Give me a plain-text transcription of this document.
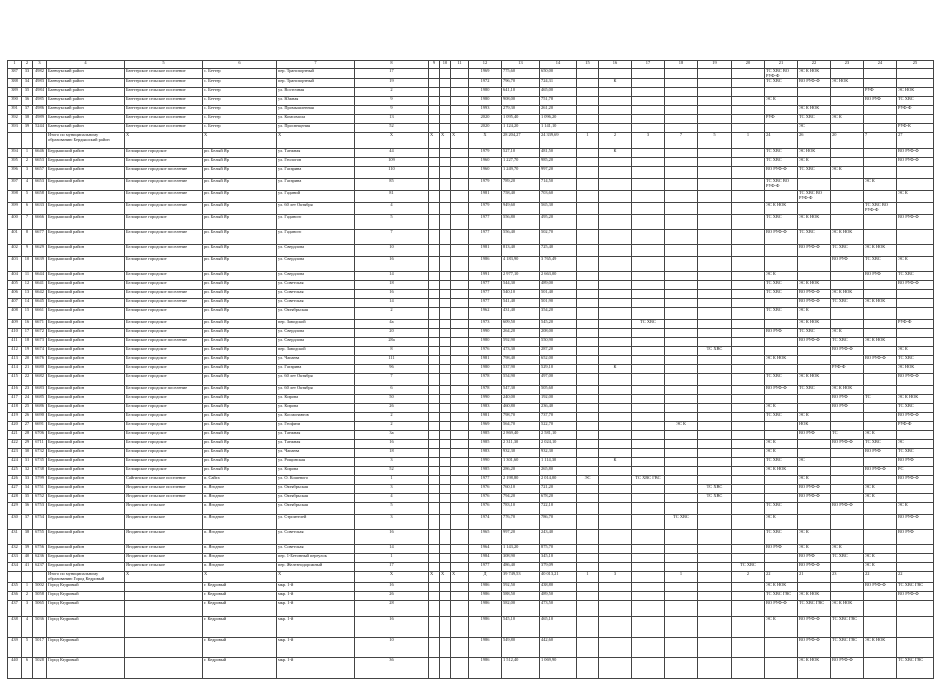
1	2	3	4	5	6	7	8	9	10	11	12	13	14	15	16	17	18	19	20	21	22	23	24	25
387	33	4982	Баевчукский район	Бюттерское сельское поселение	с. Беттер	пер. Транспортный	17				1969	775,60	650,00							ТС ХВС ВО РУФ-Ф	ЭС К НОК			
388	34	4983	Баевчукский район	Бюттерское сельское поселение	с. Беттер	пер. Транспортный	19				1972	796,70	724,31		К					ТС ХВС	ВО РУФ-Ф	ЭС НОК		
389	35	4984	Баевчукский район	Бюттерское сельское поселение	с. Беттер	ул. Восточная	2				1980	641,10	465,00										РУФ	ЭС НОК
390	36	4985	Баевчукский район	Бюттерское сельское поселение	с. Беттер	ул. Южная	9				1980	908,00	751,78							ЭС К			ВО РУФ	ТС ХВС
391	37	4986	Баевчукский район	Бюттерское сельское поселение	с. Беттер	ул. Промышленная	9				1993	279,30	261,20								ЭС К НОК			РУФ-Ф
392	38	4989	Баевчукский район	Бюттерское сельское поселение	с. Беттер	ул. Комсомола	13				2020	1 095,40	1 096,20							РУФ	ТС ХВС	ЭС К		
393	39	5244	Баевчукский район	Бюттерское сельское поселение	с. Беттер	ул. Просвещения	52				2020	1 124,20	1 141,10								ЭС			РУФ-К
			Итого по муниципальному образованию Бердышский район	Х	Х	Х	Х	Х	Х	Х	Х	28 204,27	24 339,69	1	2	3	7	5	1	24	26	20	7	27
394	1	6646	Бердышский район	Белоярское городское	рп. Белый Яр	ул. Таежная	44				1979	527,10	481,50		К					ТС ХВС	ЭС НОК			ВО РУФ-Ф
395	2	6653	Бердышский район	Белоярское городское	рп. Белый Яр	ул. Геологов	109				1960	1 227,70	985,20							ТС ХВС	ЭС К			ВО РУФ-Ф
396	3	6657	Бердышский район	Белоярское городское поселение	рп. Белый Яр	ул. Гагарина	110				1960	1 249,70	997,20							ВО РУФ-Ф	ТС ХВС	ЭС К		
397	4	6653	Бердышский район	Белоярское городское поселение	рп. Белый Яр	ул. Гагарина	85				1979	789,20	714,50							ТС ХВС ВО РУФ-Ф			ЭС К	
398	5	6658	Бердышский район	Белоярское городское поселение	рп. Белый Яр	ул. Гаданий	81				1981	758,40	703,60								ТС ХВС ВО РУФ-Ф			ЭС К
399	6	6633	Бердышский район	Белоярское городское поселение	рп. Белый Яр	ул. 60 лет Октября	4				1979	949,60	565,30							ЭС К НОК			ТС ХВС ВО РУФ-Ф	
400	7	6666	Бердышский район	Белоярское городское	рп. Белый Яр	ул. Гаданого	5				1977	556,80	495,20							ТС ХВС	ЭС К НОК			ВО РУФ-Ф
401	8	6677	Бердышский район	Белоярское городское поселение	рп. Белый Яр	ул. Гаданого	7				1977	556,40	502,70							ВО РУФ-Ф	ТС ХВС	ЭС К НОК		
402	9	6629	Бердышский район	Белоярское городское поселение	рп. Белый Яр	ул. Свердлова	10				1981	813,40	725,40								ВО РУФ-Ф	ТС ХВС	ЭС К НОК	
403	10	6639	Бердышский район	Белоярское городское	рп. Белый Яр	ул. Свердлова	16				1986	4 183,90	3 765,49									ВО РУФ	ТС ХВС	ЭС К
404	11	6644	Бердышский район	Белоярское городское	рп. Белый Яр	ул. Свердлова	14				1991	2 977,10	2 663,00							ЭС К			ВО РУФ	ТС ХВС
405	12	6641	Бердышский район	Белоярское городское	рп. Белый Яр	ул. Советская	18				1977	544,30	489,00							ТС ХВС	ЭС К НОК			ВО РУФ-Ф
406	13	6642	Бердышский район	Белоярское городское поселение	рп. Белый Яр	ул. Советская	16				1977	540,10	501,40							ТС ХВС	ВО РУФ-Ф	ЭС К НОК		
407	14	6645	Бердышский район	Белоярское городское поселение	рп. Белый Яр	ул. Советская	14				1977	541,40	501,90								ВО РУФ-Ф	ТС ХВС	ЭС К НОК	
408	15	6661	Бердышский район	Белоярское городское	рп. Белый Яр	ул. Октябрьская	2				1962	431,40	354,20							ТС ХВС	ЭС К			
409	16	6671	Бердышский район	Белоярское городское	рп. Белый Яр	пер. Заводской	4а				1973	609,50	545,20			ТС ХВС					ЭС К НОК			РУФ-Ф
410	17	6672	Бердышский район	Белоярское городское	рп. Белый Яр	ул. Свердлова	20				1990	264,20	208,00							ВО РУФ	ТС ХВС	ЭС К		
411	18	6673	Бердышский район	Белоярское городское поселение	рп. Белый Яр	ул. Свердлова	28а				1980	592,90	550,90								ВО РУФ-Ф	ТС ХВС	ЭС К НОК	
412	19	6674	Бердышский район	Белоярское городское	рп. Белый Яр	пер. Заводской	8				1976	473,30	287,20					ТС ХВС				ВО РУФ-Ф		ЭС К
413	20	6676	Бердышский район	Белоярское городское	рп. Белый Яр	ул. Чапаева	111				1981	798,40	652,00							ЭС К НОК			ВО РУФ-Ф	ТС ХВС
414	21	6680	Бердышский район	Белоярское городское	рп. Белый Яр	ул. Гагарина	96				1980	537,90	529,10		К							РУФ-Ф		ЭС НОК
415	22	6682	Бердышский район	Белоярское городское	рп. Белый Яр	ул. 60 лет Октября	7				1978	554,90	497,00							ТС ХВС	ЭС К НОК			ВО РУФ-Ф
416	23	6683	Бердышский район	Белоярское городское поселение	рп. Белый Яр	ул. 60 лет Октября	6				1978	547,30	505,60							ВО РУФ-Ф	ТС ХВС	ЭС К НОК		
417	24	6685	Бердышский район	Белоярское городское	рп. Белый Яр	ул. Кирова	50				1990	240,00	192,00									ВО РУФ	ТС	ЭС К НОК
418	25	6686	Бердышский район	Белоярское городское	рп. Белый Яр	ул. Кирова	26				1983	460,80	236,40							ЭС К		ВО РУФ		ТС ХВС
419	26	6690	Бердышский район	Белоярское городское	рп. Белый Яр	ул. Космонавтов	2				1981	798,70	737,70							ТС ХВС	ЭС К			ВО РУФ-Ф
420	27	6691	Бердышский район	Белоярское городское	рп. Белый Яр	ул. Геофизи	2				1969	564,70	522,70				ЭС К				НОК			РУФ-Ф
421	28	6706	Бердышский район	Белоярское городское	рп. Белый Яр	ул. Таежная	3а				1985	2 869,40	2 581,10								ВО РУФ	ТС	ЭС К	
422	29	6711	Бердышский район	Белоярское городское	рп. Белый Яр	ул. Таежная	16				1985	2 311,30	2 024,10							ЭС К		ВО РУФ-Ф	ТС ХВС	ЭС
423	30	6732	Бердышский район	Белоярское городское	рп. Белый Яр	ул. Чапаева	18				1983	932,30	932,30							ЭС К			ВО РУФ	ТС ХВС
424	31	6735	Бердышский район	Белоярское городское	рп. Белый Яр	ул. Рощинская	3				1990	1 301,60	1 114,30		К					ТС ХВС	ЭС			ВО РУФ
425	32	6738	Бердышский район	Белоярское городское	рп. Белый Яр	ул. Кирова	52				1985	286,20	265,80							ЭС К НОК			ВО РУФ-Ф	РС
426	33	5799	Бердышский район	Сайгинское сельское поселение	п. Сайга	ул. О. Кошевого	1				1977	2 198,80	2 014,00	ЭС		ТС ХВС ГВС					ЭС К			ВО РУФ-Ф
427	34	6751	Бердышский район	Ягодинское сельское поселение	п. Ягодное	ул. Октябрьская	3				1976	760,10	721,20					ТС ХВС			ВО РУФ-Ф		ЭС К	
428	35	6752	Бердышский район	Ягодинское сельское поселение	п. Ягодное	ул. Октябрьская	4				1976	794,20	678,20					ТС ХВС			ВО РУФ-Ф		ЭС К	
429	36	6753	Бердышский район	Ягодинское сельское	п. Ягодное	ул. Октябрьская	5				1976	783,10	722,10							ТС ХВС		ВО РУФ-Ф		ЭС К
430	37	6754	Бердышский район	Ягодинское сельское	п. Ягодное	ул. Строителей	3				1974	776,70	786,70				ТС ХВС			ЭС К				ВО РУФ-Ф
431	38	6755	Бердышский район	Ягодинское сельское	п. Ягодное	ул. Советская	16				1965	997,20	243,40							ТС ХВС	ЭС К			ВО РУФ
432	39	6756	Бердышский район	Ягодинское сельское	п. Ягодное	ул. Советская	14				1964	1 143,20	875,70							ВО РУФ	ЭС К	ЭС К		
433	40	6236	Бердышский район	Ягодинское сельское	п. Ягодное	пер. 1-Бетонный переулок	1				1984	308,90	345,10								ВО РУФ	ТС ХВС	ЭС К	
434	41	6237	Бердышский район	Ягодинское сельское	п. Ягодное	пер. Железнодорожный	17				1977	486,40	379,09						ТС ХВС		ВО РУФ-Ф		ЭС К	
			Итого по муниципальному образованию Город Кедровый	Х	Х	Х	Х	Х	Х	Х	Д	39 749,53	40 013,21	1	3		1		2	22	21	23	22	22
435	1	5002	Город Кедровый		г. Кедровый	мкр. 1-й	16				1986	592,50	438,80							ЭС К НОК			ВО РУФ-Ф	ТС ХВС ГВС
436	2	5058	Город Кедровый		г. Кедровый	мкр. 1-й	26				1986	588,50	489,50							ТС ХВС ГВС	ЭС К НОК			ВО РУФ-Ф
437	3	5065	Город Кедровый		г. Кедровый	мкр. 1-й	28				1986	582,00	473,50							ВО РУФ-Ф	ТС ХВС ГВС	ЭС К НОК		
438	4	5036	Город Кедровый		г. Кедровый	мкр. 1-й	16				1986	545,10	465,10							ЭС К	ВО РУФ-Ф	ТС ХВС ГВС		
439	5	5017	Город Кедровый		г. Кедровый	мкр. 1-й	10				1986	549,80	442,60								ВО РУФ-Ф	ТС ХВС ГВС	ЭС К НОК	
440	6	5028	Город Кедровый		г. Кедровый	мкр. 1-й	36				1986	1 512,40	1 069,90								ЭС К НОК	ВО РУФ-Ф		ТС ХВС ГВС
